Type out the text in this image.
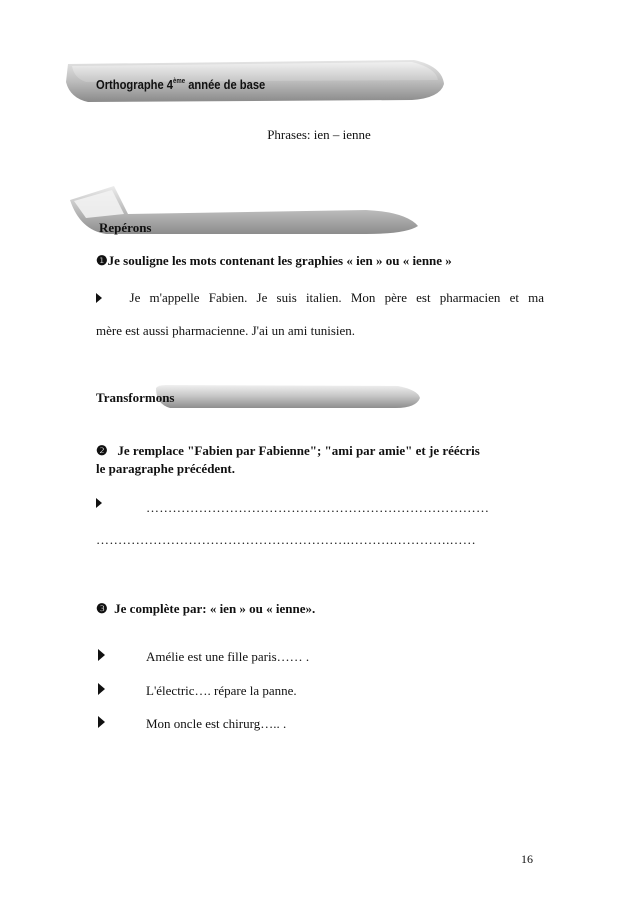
Orthographe 4ème année de base
Phrases: ien – ienne
Repérons
❶Je souligne les mots contenant les graphies « ien » ou « ienne »
Je m'appelle Fabien. Je suis italien. Mon père est pharmacien et ma
mère est aussi pharmacienne. J'ai un ami tunisien.
Transformons
❷ Je remplace "Fabien par Fabienne"; "ami par amie" et je réécris
le paragraphe précédent.
……………………………………………………………………
………………………………………………….……….………….……
❸ Je complète par: « ien » ou « ienne».
Amélie est une fille paris…… .
L'électric…. répare la panne.
Mon oncle est chirurg….. .
16
